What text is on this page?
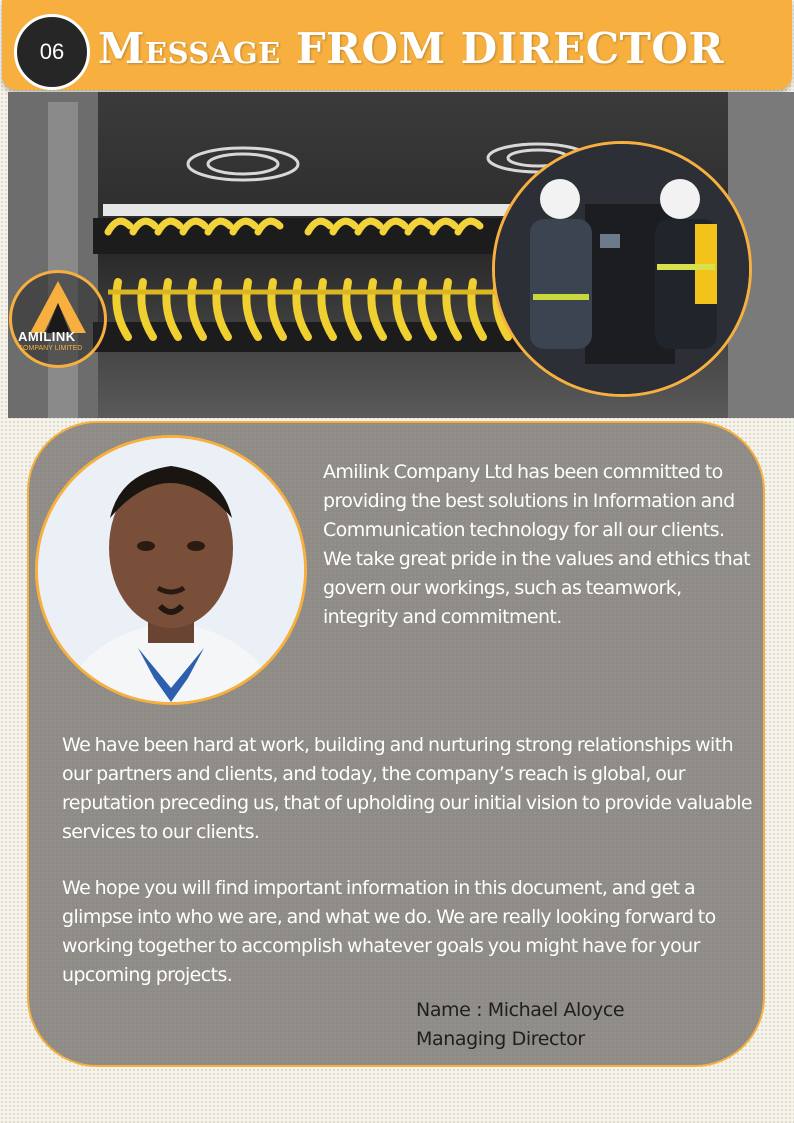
06 Message FROM DIRECTOR
AMILINK
COMPANY LIMITED

Amilink Company Ltd has been committed to providing the best solutions in Information and Communication technology for all our clients. We take great pride in the values and ethics that govern our workings, such as teamwork, integrity and commitment.

We have been hard at work, building and nurturing strong relationships with our partners and clients, and today, the company’s reach is global, our reputation preceding us, that of upholding our initial vision to provide valuable services to our clients.

We hope you will find important information in this document, and get a glimpse into who we are, and what we do. We are really looking forward to working together to accomplish whatever goals you might have for your upcoming projects.

Name : Michael Aloyce
Managing Director
